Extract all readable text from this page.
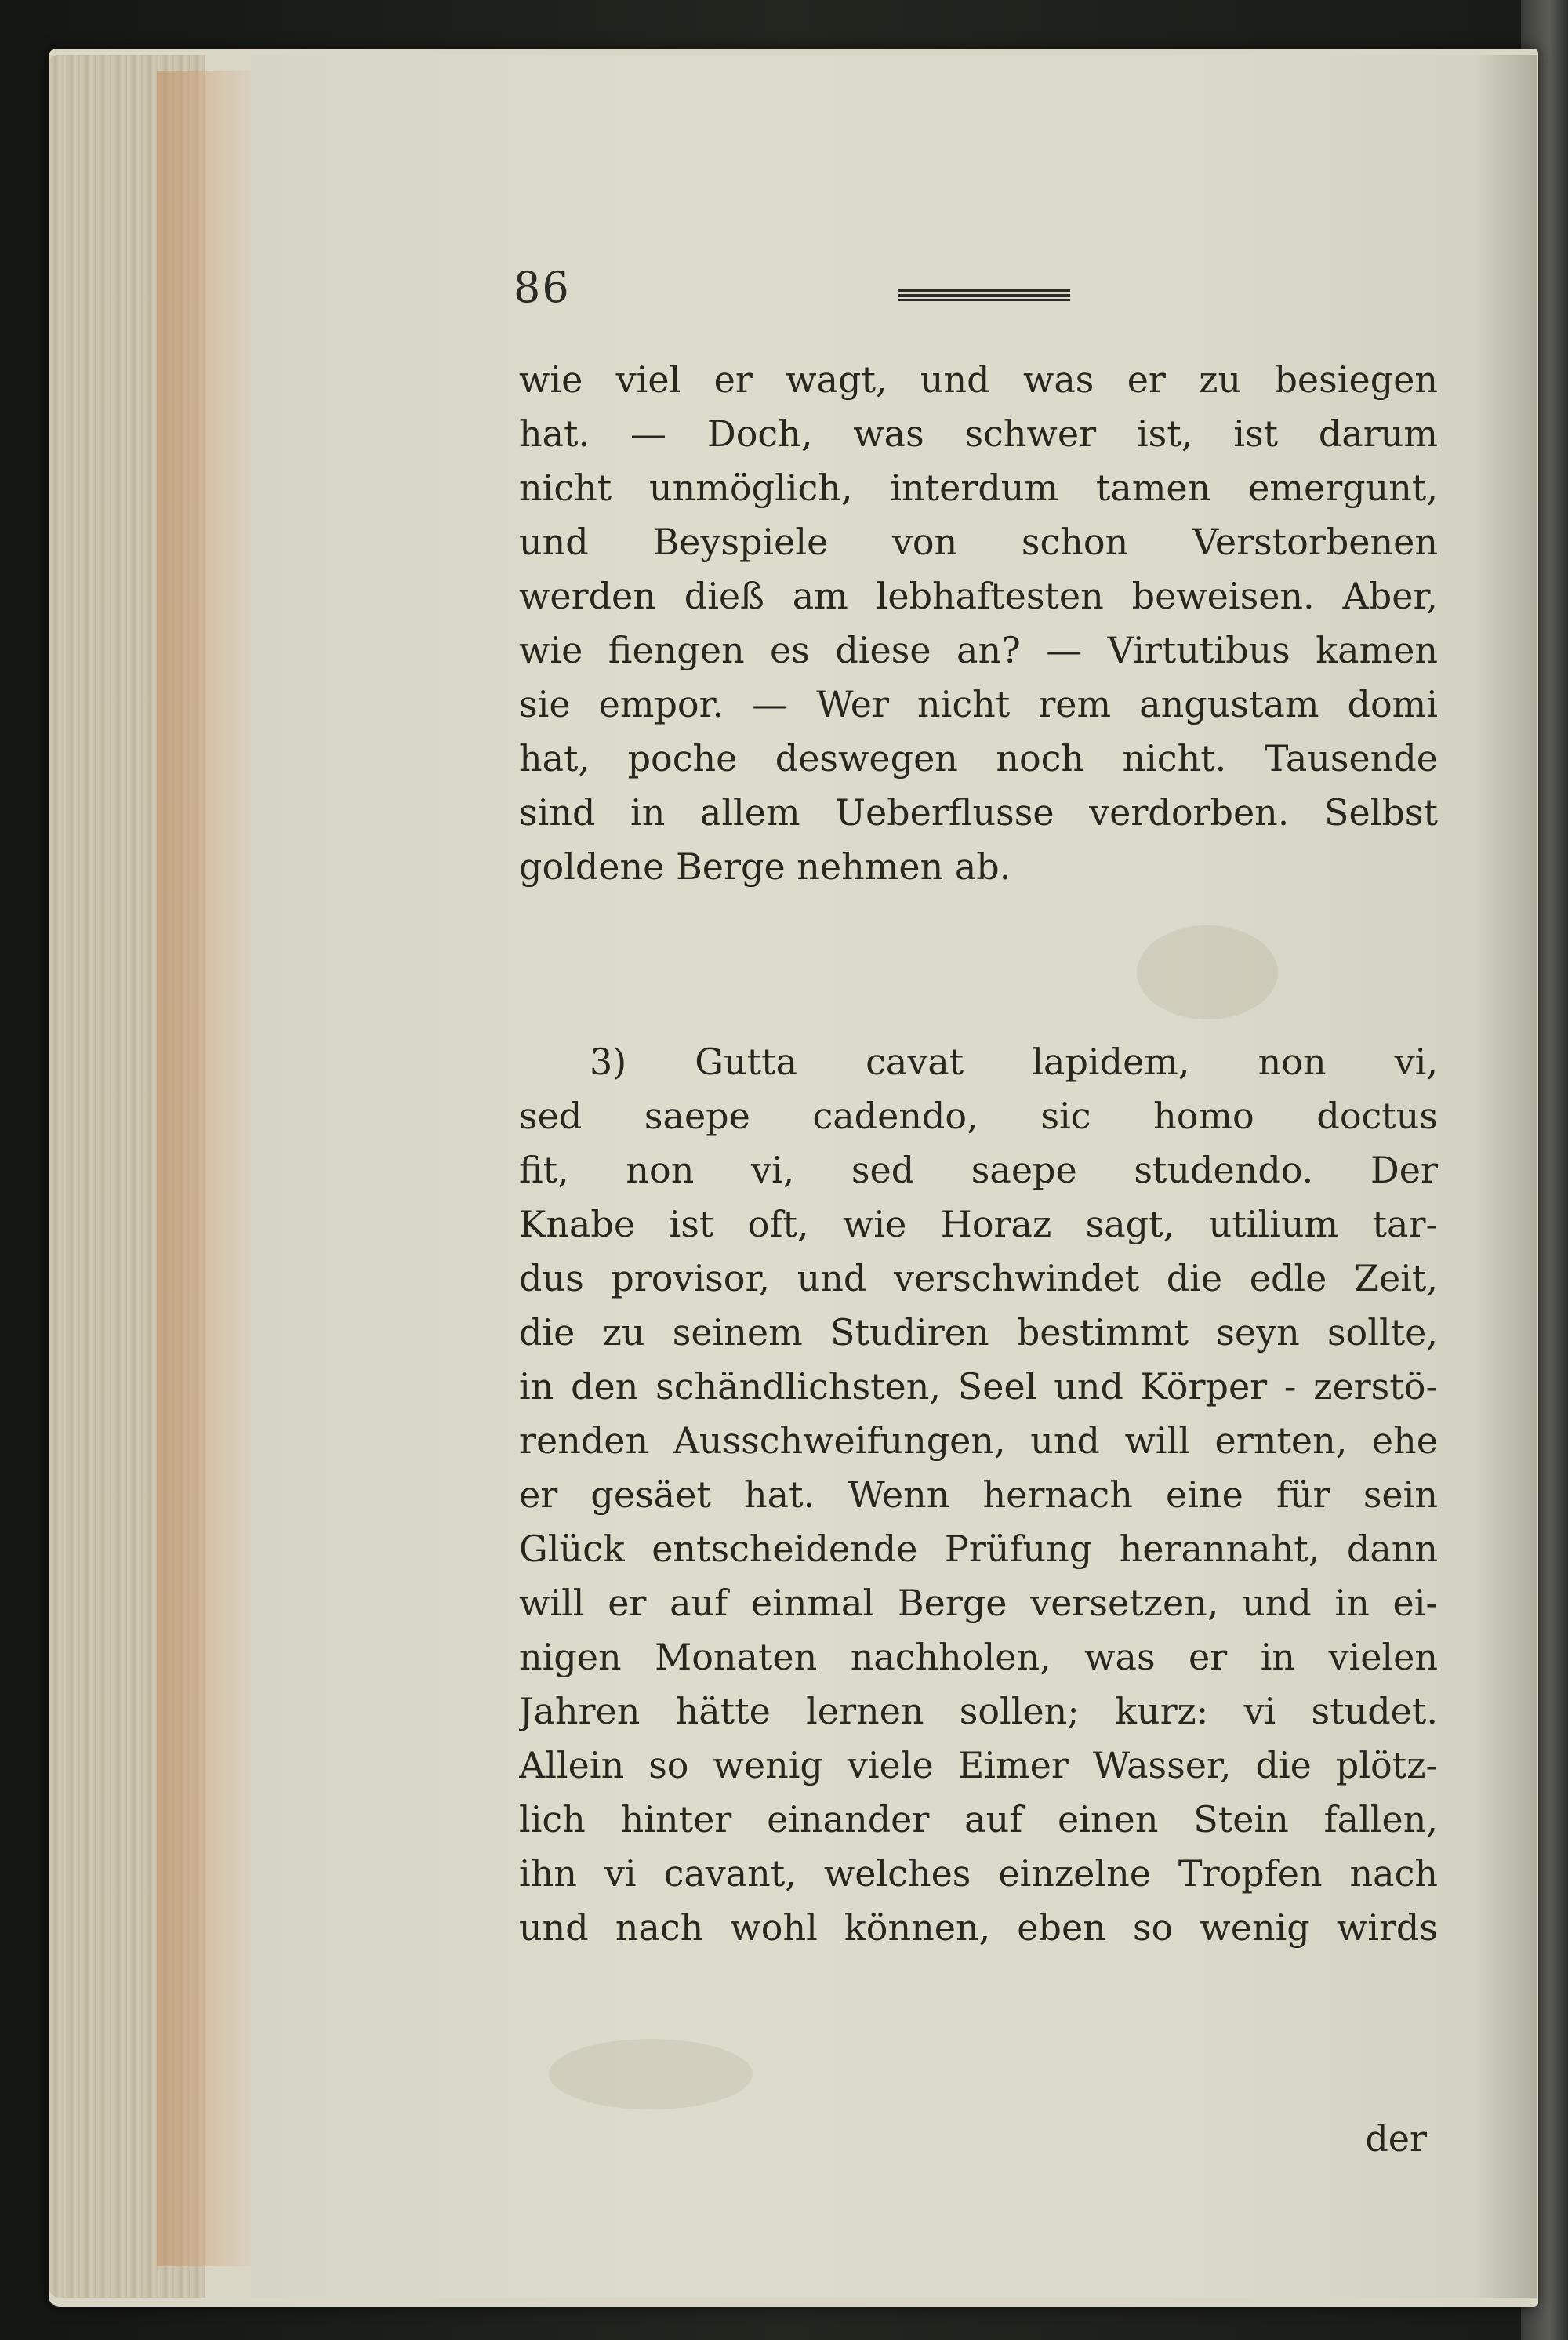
86
wie viel er wagt, und was er zu besiegen
hat. — Doch, was schwer ist, ist darum
nicht unmöglich, interdum tamen emergunt,
und Beyspiele von schon Verstorbenen
werden dieß am lebhaftesten beweisen. Aber,
wie fiengen es diese an? — Virtutibus kamen
sie empor. — Wer nicht rem angustam domi
hat, poche deswegen noch nicht. Tausende
sind in allem Ueberflusse verdorben. Selbst
goldene Berge nehmen ab.
3) Gutta cavat lapidem, non vi,
sed saepe cadendo, sic homo doctus
fit, non vi, sed saepe studendo. Der
Knabe ist oft, wie Horaz sagt, utilium tar-
dus provisor, und verschwindet die edle Zeit,
die zu seinem Studiren bestimmt seyn sollte,
in den schändlichsten, Seel und Körper - zerstö-
renden Ausschweifungen, und will ernten, ehe
er gesäet hat. Wenn hernach eine für sein
Glück entscheidende Prüfung herannaht, dann
will er auf einmal Berge versetzen, und in ei-
nigen Monaten nachholen, was er in vielen
Jahren hätte lernen sollen; kurz: vi studet.
Allein so wenig viele Eimer Wasser, die plötz-
lich hinter einander auf einen Stein fallen,
ihn vi cavant, welches einzelne Tropfen nach
und nach wohl können, eben so wenig wirds
der
